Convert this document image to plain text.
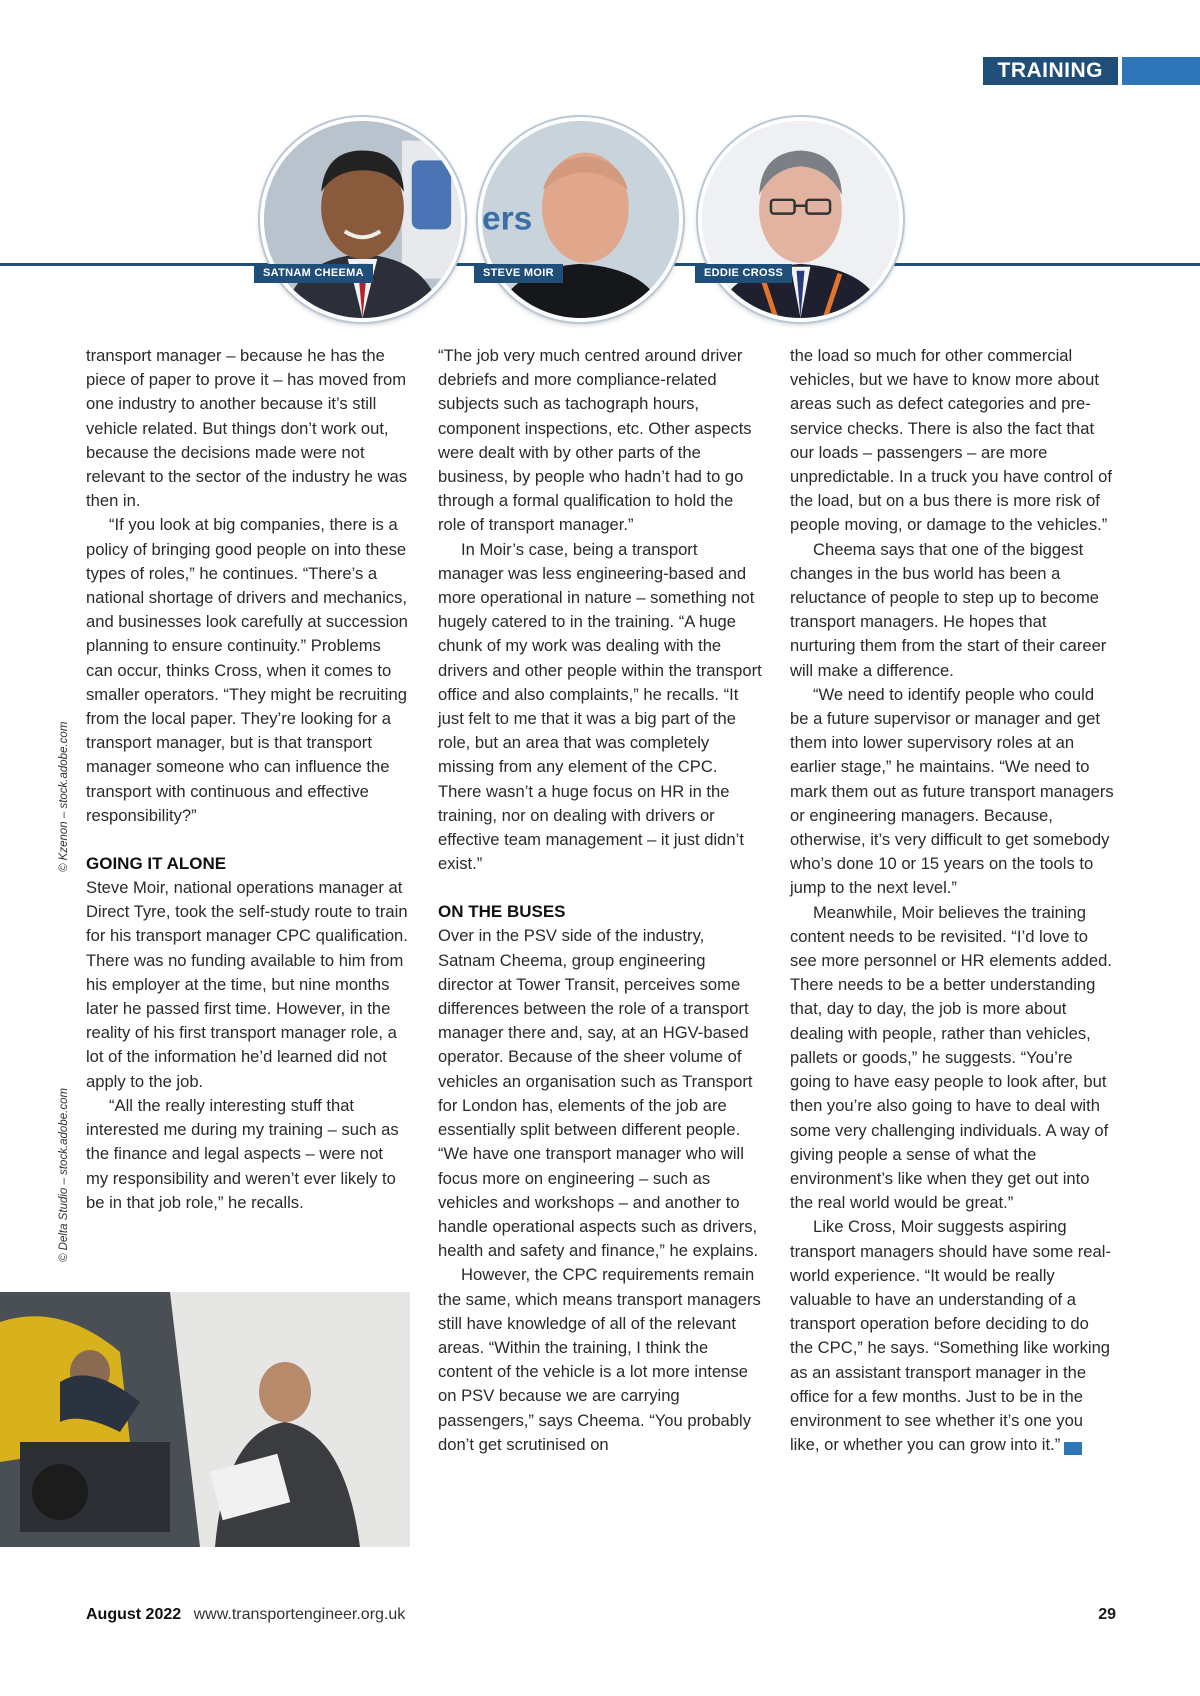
TRAINING
ers
SATNAM CHEEMA	STEVE MOIR	EDDIE CROSS
© Kzenon – stock.adobe.com
© Delta Studio – stock.adobe.com

transport manager – because he has the piece of paper to prove it – has moved from one industry to another because it’s still vehicle related. But things don’t work out, because the decisions made were not relevant to the sector of the industry he was then in.

“If you look at big companies, there is a policy of bringing good people on into these types of roles,” he continues. “There’s a national shortage of drivers and mechanics, and businesses look carefully at succession planning to ensure continuity.” Problems can occur, thinks Cross, when it comes to smaller operators. “They might be recruiting from the local paper. They’re looking for a transport manager, but is that transport manager someone who can influence the transport with continuous and effective responsibility?”

GOING IT ALONE

Steve Moir, national operations manager at Direct Tyre, took the self-study route to train for his transport manager CPC qualification. There was no funding available to him from his employer at the time, but nine months later he passed first time. However, in the reality of his first transport manager role, a lot of the information he’d learned did not apply to the job.

“All the really interesting stuff that interested me during my training – such as the finance and legal aspects – were not my responsibility and weren’t ever likely to be in that job role,” he recalls.

“The job very much centred around driver debriefs and more compliance-related subjects such as tachograph hours, component inspections, etc. Other aspects were dealt with by other parts of the business, by people who hadn’t had to go through a formal qualification to hold the role of transport manager.”

In Moir’s case, being a transport manager was less engineering-based and more operational in nature – something not hugely catered to in the training. “A huge chunk of my work was dealing with the drivers and other people within the transport office and also complaints,” he recalls. “It just felt to me that it was a big part of the role, but an area that was completely missing from any element of the CPC. There wasn’t a huge focus on HR in the training, nor on dealing with drivers or effective team management – it just didn’t exist.”

ON THE BUSES

Over in the PSV side of the industry, Satnam Cheema, group engineering director at Tower Transit, perceives some differences between the role of a transport manager there and, say, at an HGV-based operator. Because of the sheer volume of vehicles an organisation such as Transport for London has, elements of the job are essentially split between different people. “We have one transport manager who will focus more on engineering – such as vehicles and workshops – and another to handle operational aspects such as drivers, health and safety and finance,” he explains.

However, the CPC requirements remain the same, which means transport managers still have knowledge of all of the relevant areas. “Within the training, I think the content of the vehicle is a lot more intense on PSV because we are carrying passengers,” says Cheema. “You probably don’t get scrutinised on

the load so much for other commercial vehicles, but we have to know more about areas such as defect categories and pre-service checks. There is also the fact that our loads – passengers – are more unpredictable. In a truck you have control of the load, but on a bus there is more risk of people moving, or damage to the vehicles.”

Cheema says that one of the biggest changes in the bus world has been a reluctance of people to step up to become transport managers. He hopes that nurturing them from the start of their career will make a difference.

“We need to identify people who could be a future supervisor or manager and get them into lower supervisory roles at an earlier stage,” he maintains. “We need to mark them out as future transport managers or engineering managers. Because, otherwise, it’s very difficult to get somebody who’s done 10 or 15 years on the tools to jump to the next level.”

Meanwhile, Moir believes the training content needs to be revisited. “I’d love to see more personnel or HR elements added. There needs to be a better understanding that, day to day, the job is more about dealing with people, rather than vehicles, pallets or goods,” he suggests. “You’re going to have easy people to look after, but then you’re also going to have to deal with some very challenging individuals. A way of giving people a sense of what the environment’s like when they get out into the real world would be great.”

Like Cross, Moir suggests aspiring transport managers should have some real-world experience. “It would be really valuable to have an understanding of a transport operation before deciding to do the CPC,” he says. “Something like working as an assistant transport manager in the office for a few months. Just to be in the environment to see whether it’s one you like, or whether you can grow into it.”	TE

August 2022 www.transportengineer.org.uk	29
